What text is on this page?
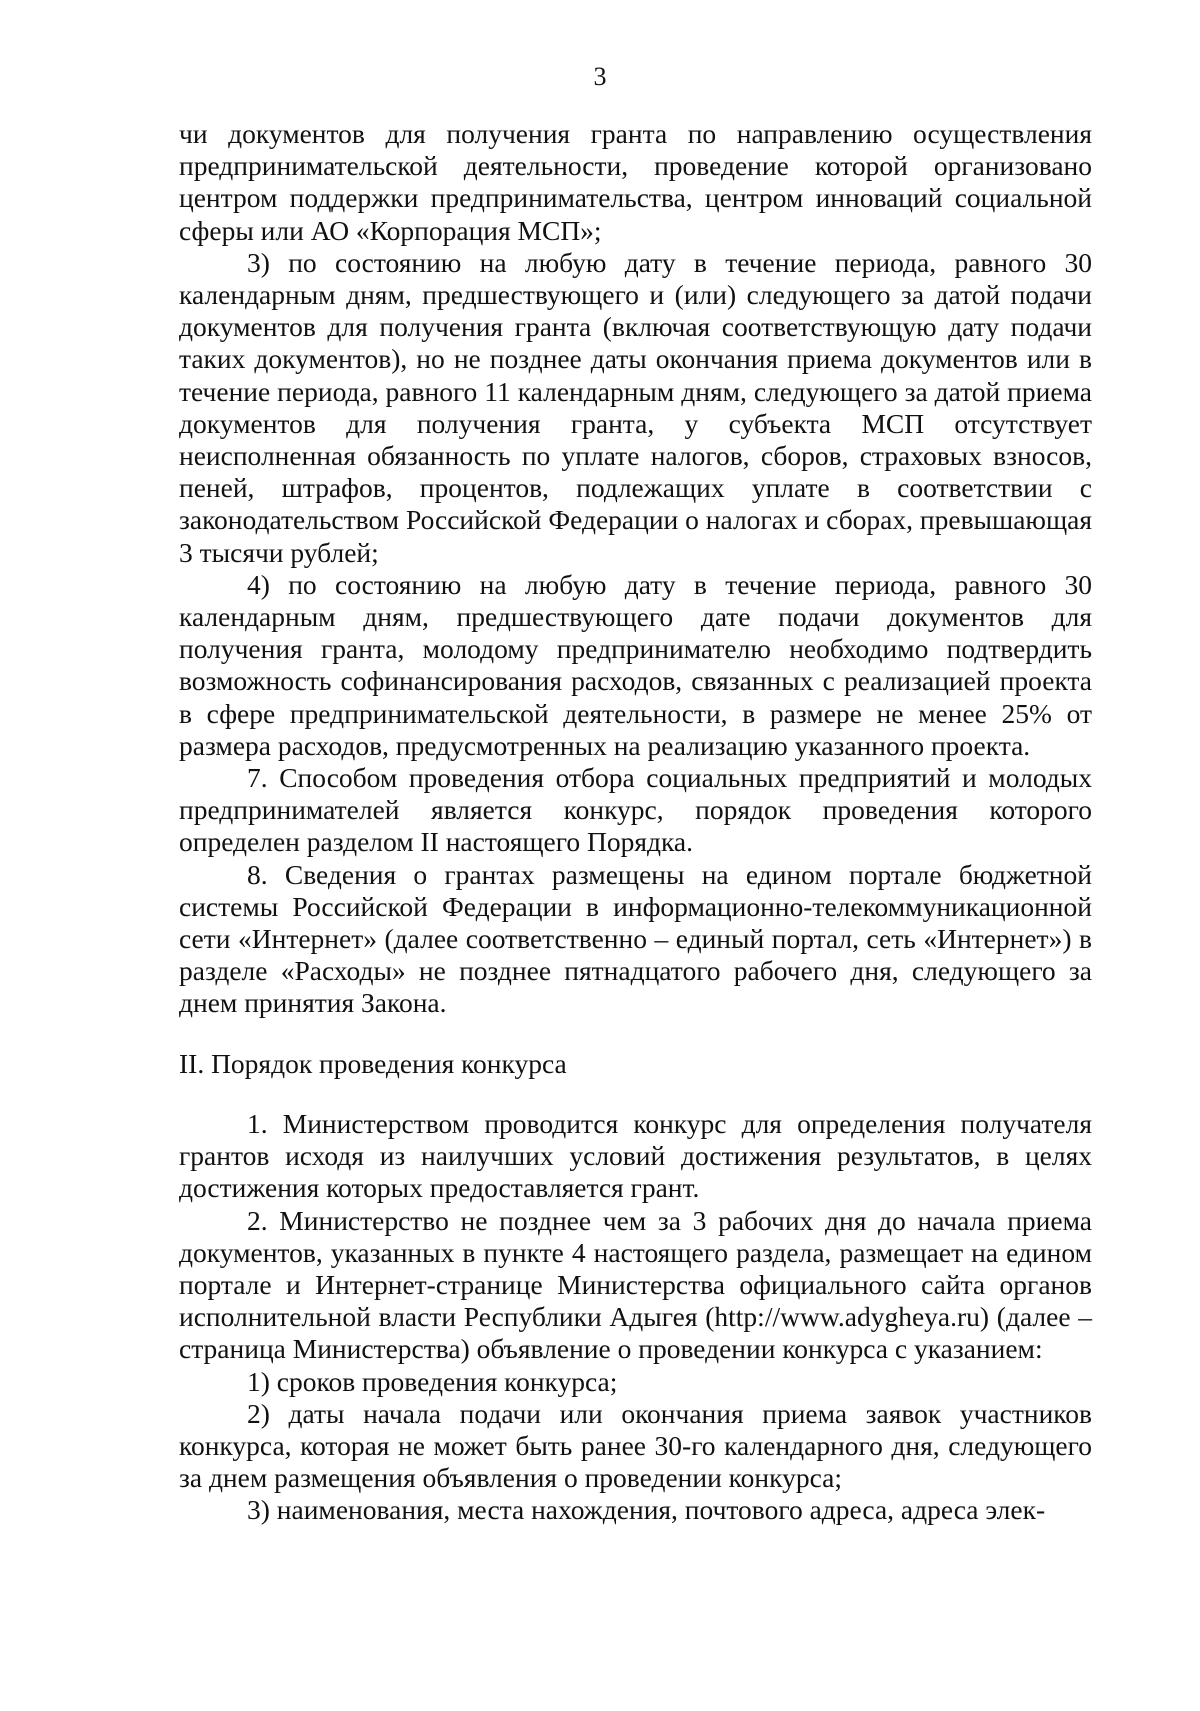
3

чи документов для получения гранта по направлению осуществления предпринимательской деятельности, проведение которой организовано центром поддержки предпринимательства, центром инноваций социальной сферы или АО «Корпорация МСП»;

3) по состоянию на любую дату в течение периода, равного 30 календарным дням, предшествующего и (или) следующего за датой подачи документов для получения гранта (включая соответствующую дату подачи таких документов), но не позднее даты окончания приема документов или в течение периода, равного 11 календарным дням, следующего за датой приема документов для получения гранта, у субъекта МСП отсутствует неисполненная обязанность по уплате налогов, сборов, страховых взносов, пеней, штрафов, процентов, подлежащих уплате в соответствии с законодательством Российской Федерации о налогах и сборах, превышающая 3 тысячи рублей;

4) по состоянию на любую дату в течение периода, равного 30 календарным дням, предшествующего дате подачи документов для получения гранта, молодому предпринимателю необходимо подтвердить возможность софинансирования расходов, связанных с реализацией проекта в сфере предпринимательской деятельности, в размере не менее 25% от размера расходов, предусмотренных на реализацию указанного проекта.

7. Способом проведения отбора социальных предприятий и молодых предпринимателей является конкурс, порядок проведения которого определен разделом II настоящего Порядка.

8. Сведения о грантах размещены на едином портале бюджетной системы Российской Федерации в информационно-телекоммуникационной сети «Интернет» (далее соответственно – единый портал, сеть «Интернет») в разделе «Расходы» не позднее пятнадцатого рабочего дня, следующего за днем принятия Закона.

II. Порядок проведения конкурса

1. Министерством проводится конкурс для определения получателя грантов исходя из наилучших условий достижения результатов, в целях достижения которых предоставляется грант.

2. Министерство не позднее чем за 3 рабочих дня до начала приема документов, указанных в пункте 4 настоящего раздела, размещает на едином портале и Интернет-странице Министерства официального сайта органов исполнительной власти Республики Адыгея (http://www.adygheya.ru) (далее – страница Министерства) объявление о проведении конкурса с указанием:

1) сроков проведения конкурса;

2) даты начала подачи или окончания приема заявок участников конкурса, которая не может быть ранее 30-го календарного дня, следующего за днем размещения объявления о проведении конкурса;

3) наименования, места нахождения, почтового адреса, адреса элек-
